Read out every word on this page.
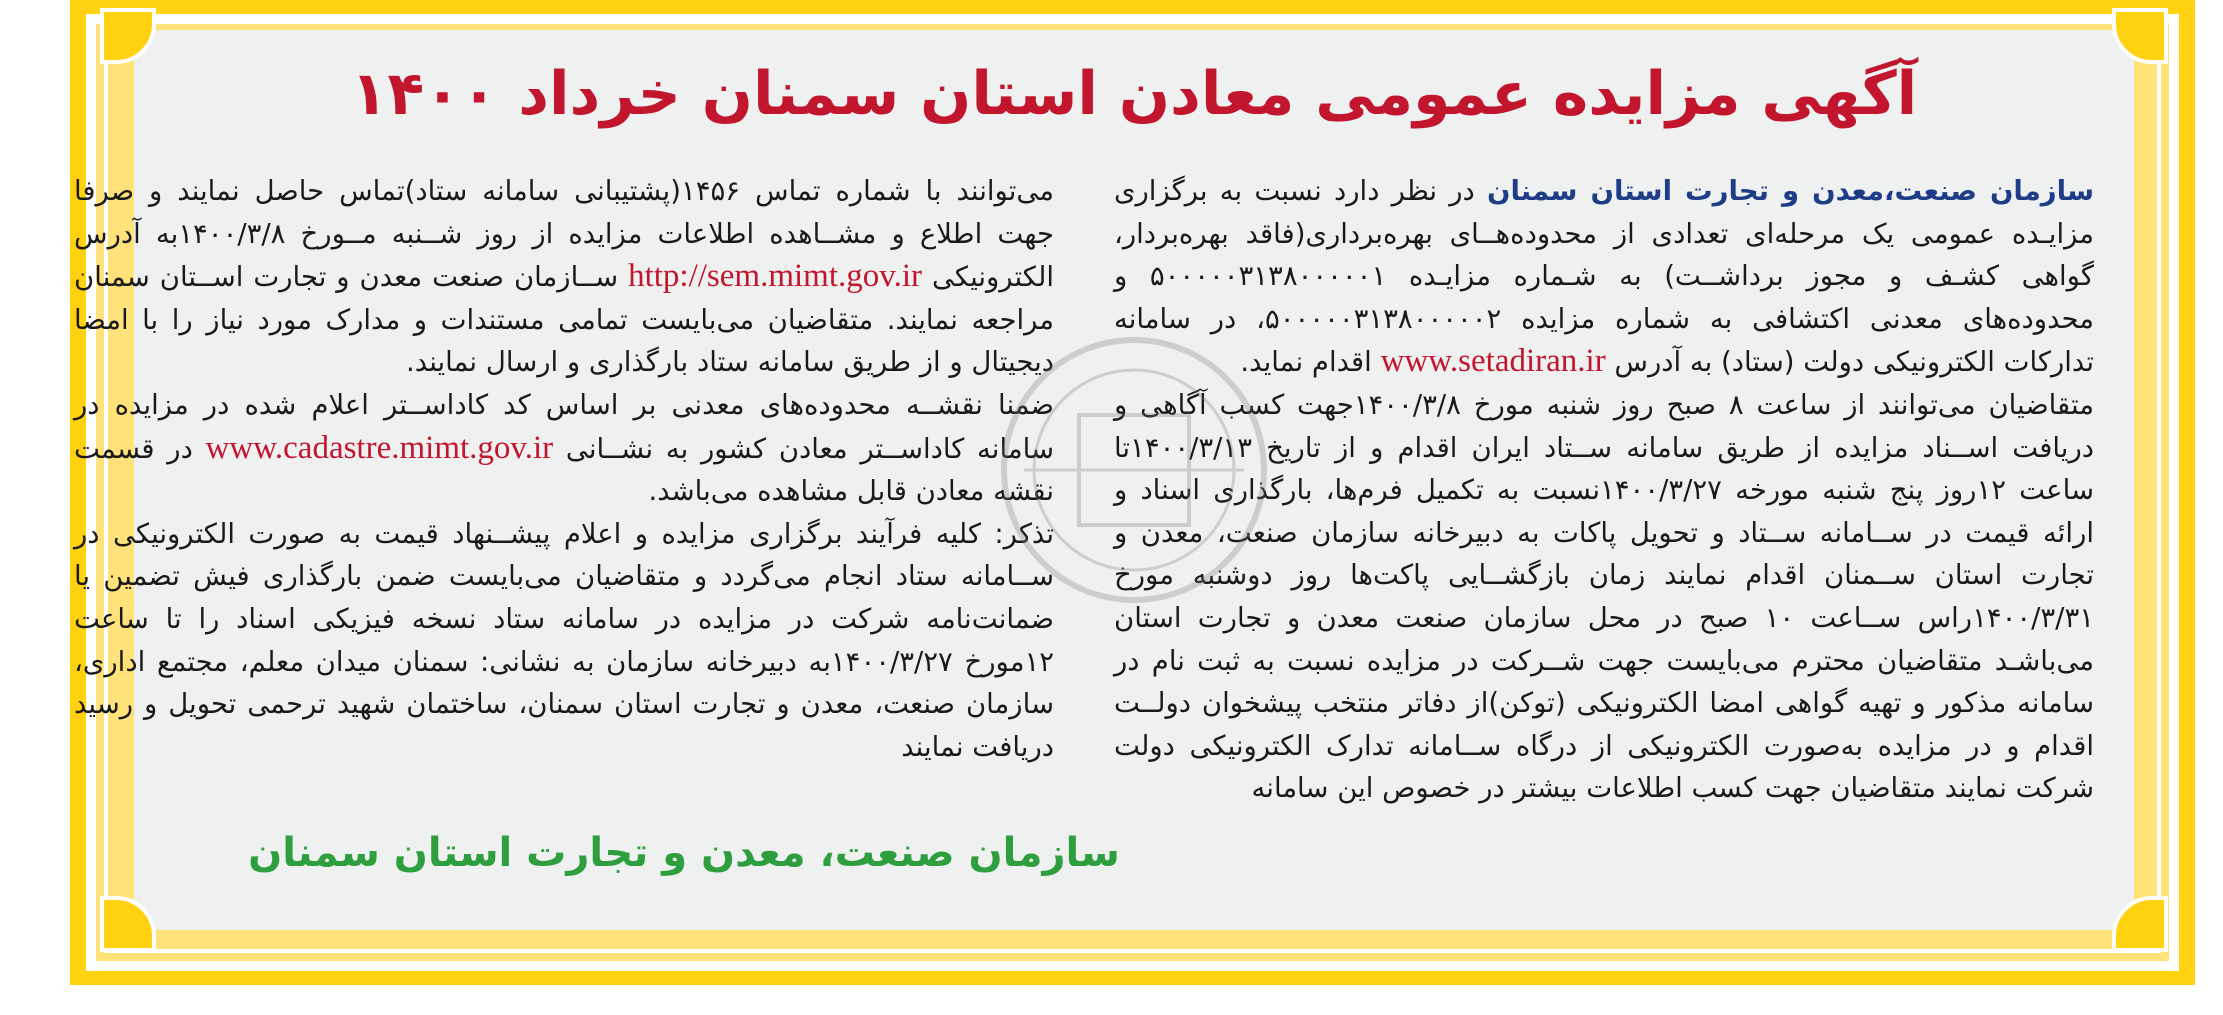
آگهی مزایده عمومی معادن استان سمنان خرداد ۱۴۰۰

سازمان صنعت،معدن و تجارت استان سمنان در نظر دارد نسبت به برگزاری مزایـده عمومی یک مرحله‌ای تعدادی از محدوده‌هــای بهره‌برداری(فاقد بهره‌بردار، گواهی کشـف و مجوز برداشــت) به شـماره مزایـده ۵۰۰۰۰۰۳۱۳۸۰۰۰۰۰۱ و محدوده‌های معدنی اکتشافی به شماره مزایده ۵۰۰۰۰۰۳۱۳۸۰۰۰۰۰۲، در سامانه تدارکات الکترونیکی دولت (ستاد) به آدرس www.setadiran.ir اقدام نماید.

متقاضیان می‌توانند از ساعت ۸ صبح روز شنبه مورخ ۱۴۰۰/۳/۸جهت کسب آگاهی و دریافت اســناد مزایده از طریق سامانه ســتاد ایران اقدام و از تاریخ ۱۴۰۰/۳/۱۳تا ساعت ۱۲روز پنج شنبه مورخه ۱۴۰۰/۳/۲۷نسبت به تکمیل فرم‌ها، بارگذاری اسناد و ارائه قیمت در ســامانه ســتاد و تحویل پاکات به دبیرخانه سازمان صنعت، معدن و تجارت استان ســمنان اقدام نمایند زمان بازگشــایی پاکت‌ها روز دوشنبه مورخ ۱۴۰۰/۳/۳۱راس ســاعت ۱۰ صبح در محل سازمان صنعت معدن و تجارت استان می‌باشـد متقاضیان محترم می‌بایست جهت شــرکت در مزایده نسبت به ثبت نام در سامانه مذکور و تهیه گواهی امضا الکترونیکی (توکن)از دفاتر منتخب پیشخوان دولــت اقدام و در مزایده به‌صورت الکترونیکی از درگاه ســامانه تدارک الکترونیکی دولت شرکت نمایند متقاضیان جهت کسب اطلاعات بیشتر در خصوص این سامانه

می‌توانند با شماره تماس ۱۴۵۶(پشتیبانی سامانه ستاد)تماس حاصل نمایند و صرفا جهت اطلاع و مشــاهده اطلاعات مزایده از روز شــنبه مــورخ ۱۴۰۰/۳/۸به آدرس الکترونیکی http://sem.mimt.gov.ir ســازمان صنعت معدن و تجارت اســتان سمنان مراجعه نمایند. متقاضیان می‌بایست تمامی مستندات و مدارک مورد نیاز را با امضا دیجیتال و از طریق سامانه ستاد بارگذاری و ارسال نمایند.

ضمنا نقشــه محدوده‌های معدنی بر اساس کد کاداســتر اعلام شده در مزایده در سامانه کاداســتر معادن کشور به نشــانی www.cadastre.mimt.gov.ir در قسمت نقشه معادن قابل مشاهده می‌باشد.

تذکر: کلیه فرآیند برگزاری مزایده و اعلام پیشــنهاد قیمت به صورت الکترونیکی در ســامانه ستاد انجام می‌گردد و متقاضیان می‌بایست ضمن بارگذاری فیش تضمین یا ضمانت‌نامه شرکت در مزایده در سامانه ستاد نسخه فیزیکی اسناد را تا ساعت ۱۲مورخ ۱۴۰۰/۳/۲۷به دبیرخانه سازمان به نشانی: سمنان میدان معلم، مجتمع اداری، سازمان صنعت، معدن و تجارت استان سمنان، ساختمان شهید ترحمی تحویل و رسید دریافت نمایند

سازمان صنعت، معدن و تجارت استان سمنان
